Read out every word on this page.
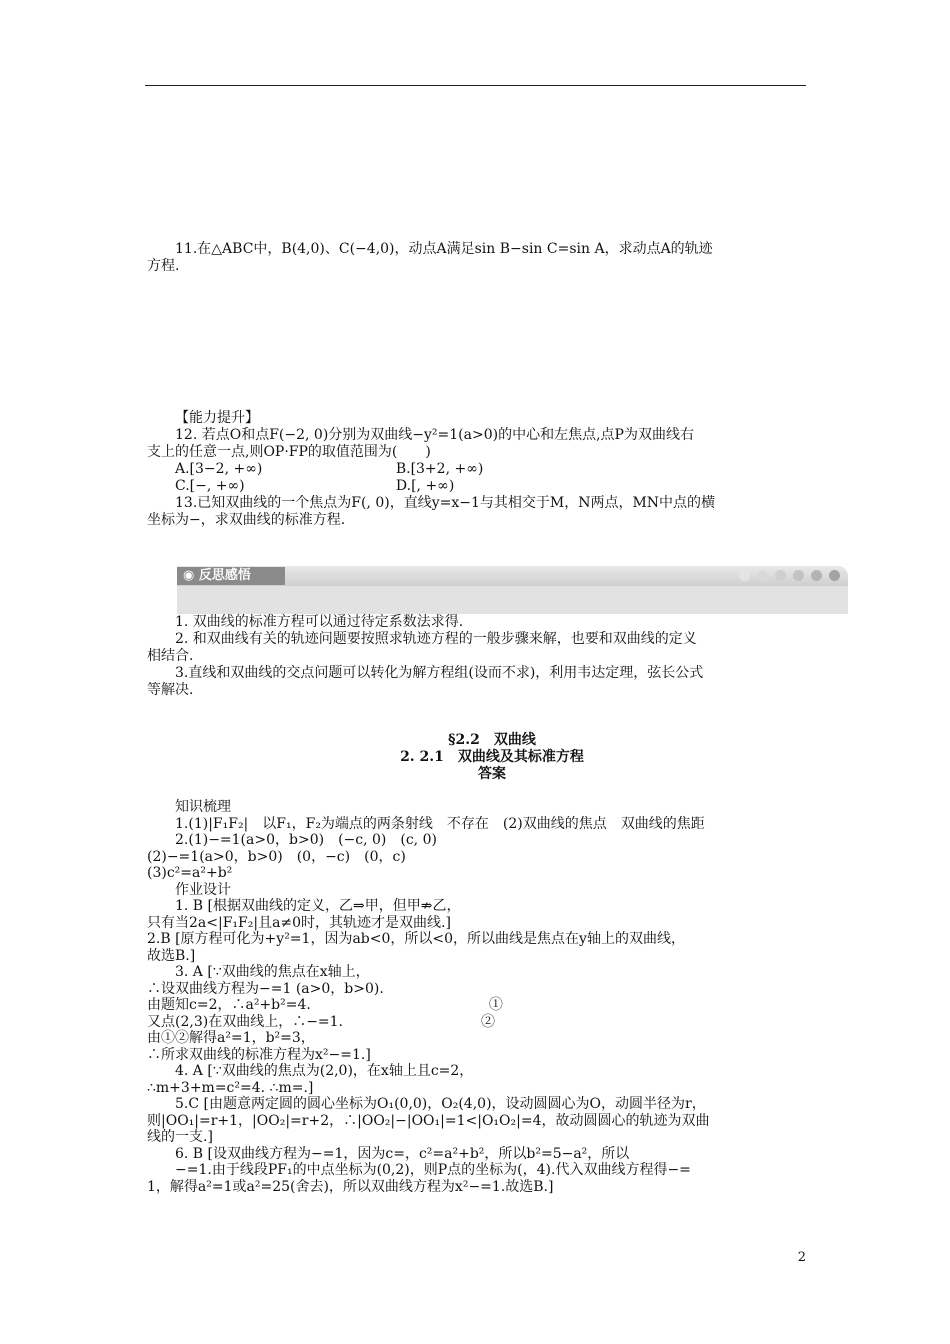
11.在△ABC中，B(4,0)、C(−4,0)，动点A满足sin B−sin C=sin A，求动点A的轨迹

方程.

【能力提升】

12. 若点O和点F(−2, 0)分别为双曲线−y²=1(a>0)的中心和左焦点,点P为双曲线右

支上的任意一点,则OP·FP的取值范围为(　　)

A.[3−2, +∞)                              B.[3+2, +∞)

C.[−, +∞)                                  D.[, +∞)

13.已知双曲线的一个焦点为F(, 0)，直线y=x−1与其相交于M，N两点，MN中点的横

坐标为−，求双曲线的标准方程.

◉ 反思感悟

1. 双曲线的标准方程可以通过待定系数法求得.

2. 和双曲线有关的轨迹问题要按照求轨迹方程的一般步骤来解，也要和双曲线的定义

相结合.

3.直线和双曲线的交点问题可以转化为解方程组(设而不求)，利用韦达定理，弦长公式

等解决.

§2.2　双曲线

2. 2.1　双曲线及其标准方程

答案

知识梳理

1.(1)|F₁F₂|　以F₁，F₂为端点的两条射线　不存在　(2)双曲线的焦点　双曲线的焦距

2.(1)−=1(a>0，b>0)　(−c, 0)　(c, 0)

(2)−=1(a>0，b>0)　(0，−c)　(0，c)

(3)c²=a²+b²

作业设计

1. B [根据双曲线的定义，乙⇒甲，但甲⇏乙，

只有当2a<|F₁F₂|且a≠0时，其轨迹才是双曲线.]

2.B [原方程可化为+y²=1，因为ab<0，所以<0，所以曲线是焦点在y轴上的双曲线，

故选B.]

3. A [∵双曲线的焦点在x轴上，

∴设双曲线方程为−=1 (a>0，b>0).

由题知c=2，∴a²+b²=4.                                        ①

又点(2,3)在双曲线上，∴−=1.                               ②

由①②解得a²=1，b²=3，

∴所求双曲线的标准方程为x²−=1.]

4. A [∵双曲线的焦点为(2,0)，在x轴上且c=2，

∴m+3+m=c²=4. ∴m=.]

5.C [由题意两定圆的圆心坐标为O₁(0,0)，O₂(4,0)，设动圆圆心为O，动圆半径为r，

则|OO₁|=r+1，|OO₂|=r+2，∴|OO₂|−|OO₁|=1<|O₁O₂|=4，故动圆圆心的轨迹为双曲

线的一支.]

6. B [设双曲线方程为−=1，因为c=，c²=a²+b²，所以b²=5−a²，所以

−=1.由于线段PF₁的中点坐标为(0,2)，则P点的坐标为(，4).代入双曲线方程得−=

1，解得a²=1或a²=25(舍去)，所以双曲线方程为x²−=1.故选B.]

2
